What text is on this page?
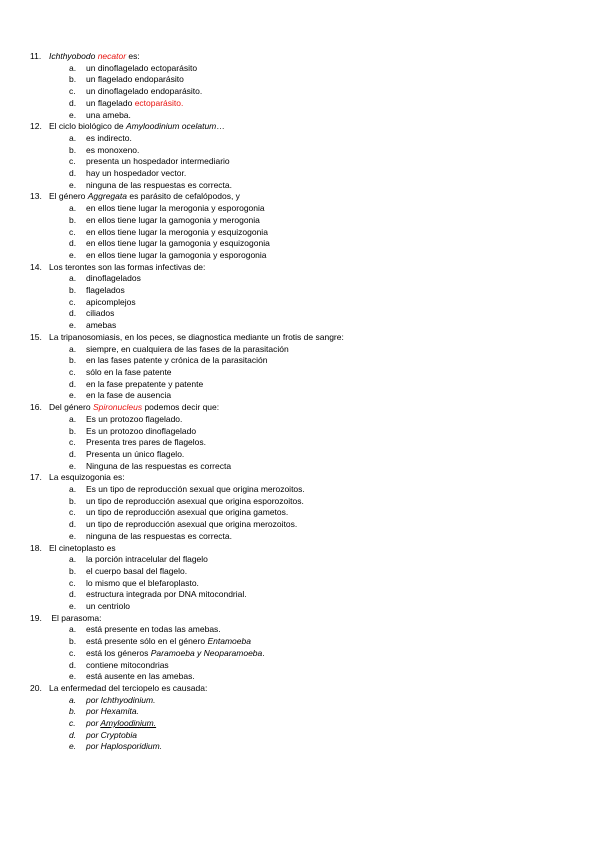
11. Ichthyobodo necator es:
a. un dinoflagelado ectoparásito
b. un flagelado endoparásito
c. un dinoflagelado endoparásito.
d. un flagelado ectoparásito.
e. una ameba.
12. El ciclo biológico de Amyloodinium ocelatum…
a. es indirecto.
b. es monoxeno.
c. presenta un hospedador intermediario
d. hay un hospedador vector.
e. ninguna de las respuestas es correcta.
13. El género Aggregata es parásito de cefalópodos, y
a. en ellos tiene lugar la merogonia y esporogonia
b. en ellos tiene lugar la gamogonia y merogonia
c. en ellos tiene lugar la merogonia y esquizogonia
d. en ellos tiene lugar la gamogonia y esquizogonia
e. en ellos tiene lugar la gamogonia y esporogonia
14. Los terontes son las formas infectivas de:
a. dinoflagelados
b. flagelados
c. apicomplejos
d. ciliados
e. amebas
15. La tripanosomiasis, en los peces, se diagnostica mediante un frotis de sangre:
a. siempre, en cualquiera de las fases de la parasitación
b. en las fases patente y crónica de la parasitación
c. sólo en la fase patente
d. en la fase prepatente y patente
e. en la fase de ausencia
16. Del género Spironucleus podemos decir que:
a. Es un protozoo flagelado.
b. Es un protozoo dinoflagelado
c. Presenta tres pares de flagelos.
d. Presenta un único flagelo.
e. Ninguna de las respuestas es correcta
17. La esquizogonia es:
a. Es un tipo de reproducción sexual que origina merozoitos.
b. un tipo de reproducción asexual que origina esporozoitos.
c. un tipo de reproducción asexual que origina gametos.
d. un tipo de reproducción asexual que origina merozoitos.
e. ninguna de las respuestas es correcta.
18. El cinetoplasto es
a. la porción intracelular del flagelo
b. el cuerpo basal del flagelo.
c. lo mismo que el blefaroplasto.
d. estructura integrada por DNA mitocondrial.
e. un centriolo
19. El parasoma:
a. está presente en todas las amebas.
b. está presente sólo en el género Entamoeba
c. está los géneros Paramoeba y Neoparamoeba.
d. contiene mitocondrias
e. está ausente en las amebas.
20. La enfermedad del terciopelo es causada:
a. por Ichthyodinium.
b. por Hexamita.
c. por Amyloodinium.
d. por Cryptobia
e. por Haplosporidium.
